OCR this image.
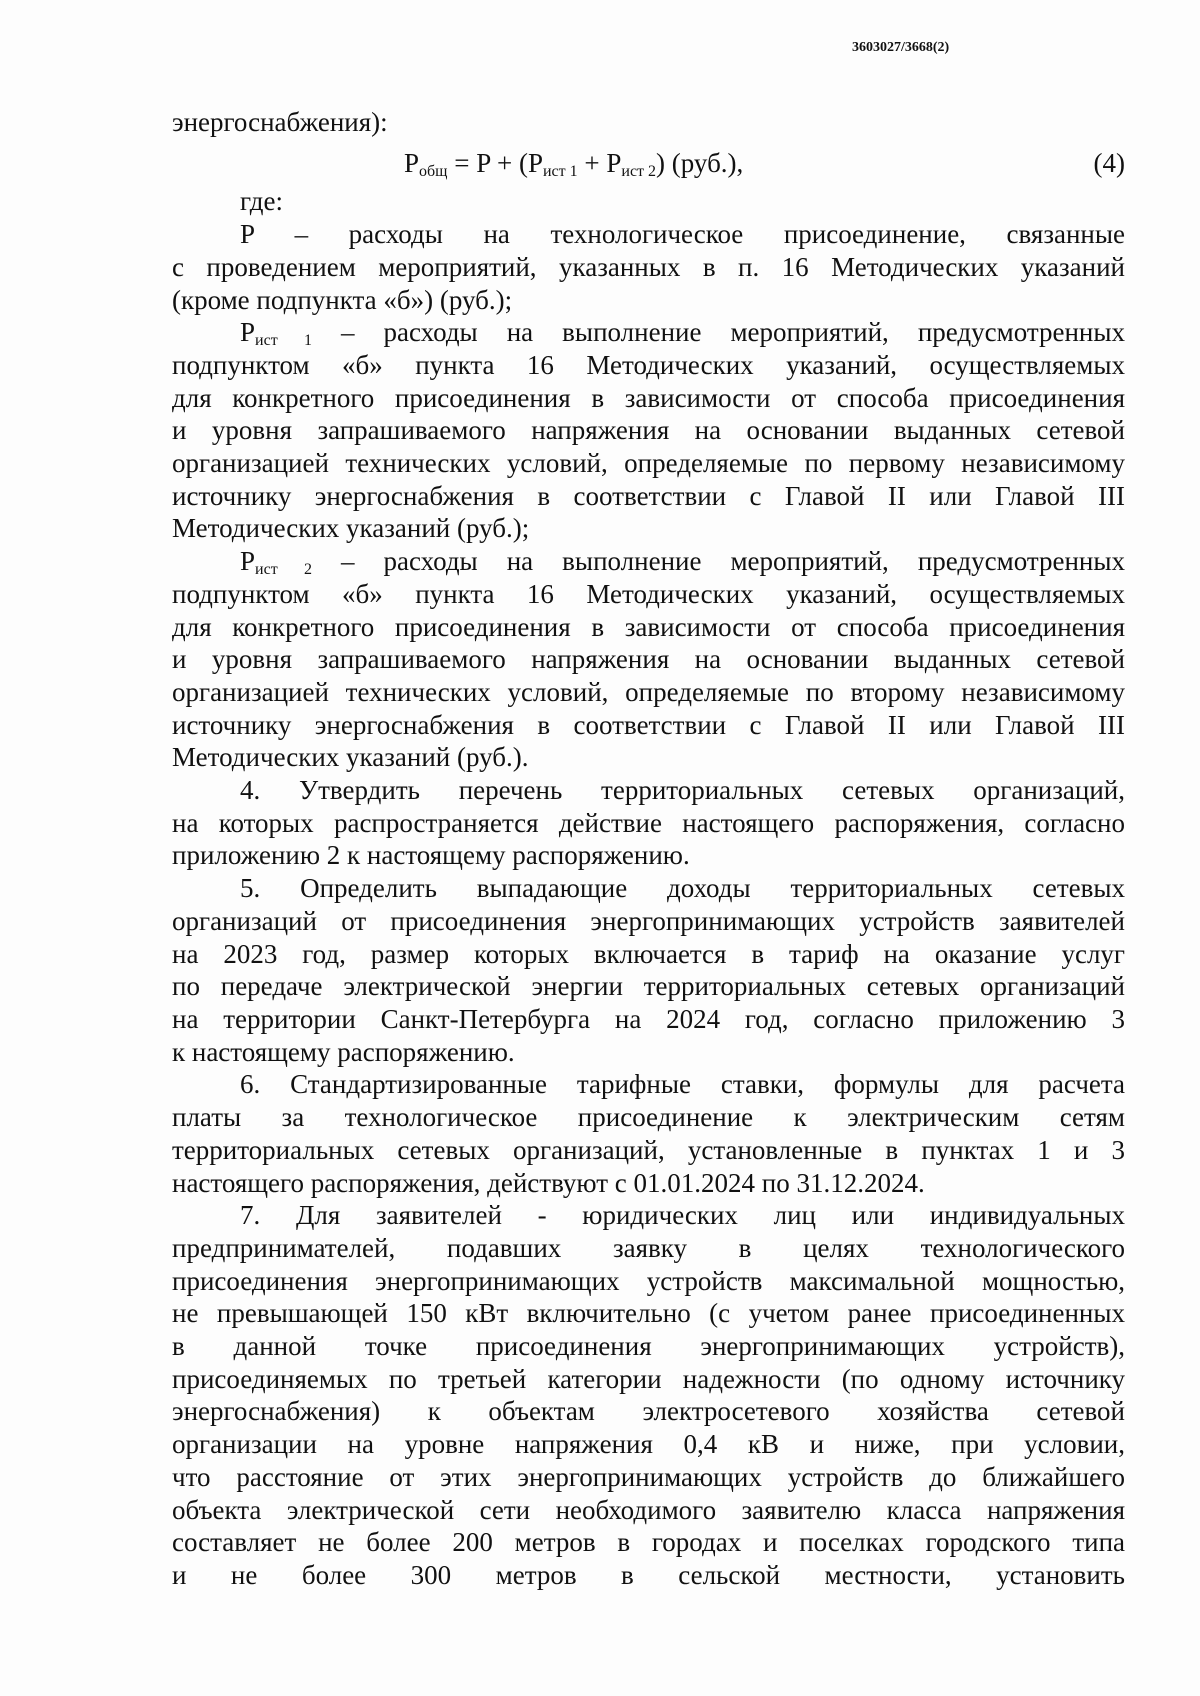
3603027/3668(2)
энергоснабжения):
$P_{общ} = P + (P_{ист 1} + P_{ист 2})$ (руб.),	(4)
где:
P – расходы на технологическое присоединение, связанные
с проведением мероприятий, указанных в п. 16 Методических указаний
(кроме подпункта «б») (руб.);
$P_{ист 1}$ – расходы на выполнение мероприятий, предусмотренных
подпунктом «б» пункта 16 Методических указаний, осуществляемых
для конкретного присоединения в зависимости от способа присоединения
и уровня запрашиваемого напряжения на основании выданных сетевой
организацией технических условий, определяемые по первому независимому
источнику энергоснабжения в соответствии с Главой II или Главой III
Методических указаний (руб.);
$P_{ист 2}$ – расходы на выполнение мероприятий, предусмотренных
подпунктом «б» пункта 16 Методических указаний, осуществляемых
для конкретного присоединения в зависимости от способа присоединения
и уровня запрашиваемого напряжения на основании выданных сетевой
организацией технических условий, определяемые по второму независимому
источнику энергоснабжения в соответствии с Главой II или Главой III
Методических указаний (руб.).
4. Утвердить перечень территориальных сетевых организаций,
на которых распространяется действие настоящего распоряжения, согласно
приложению 2 к настоящему распоряжению.
5. Определить выпадающие доходы территориальных сетевых
организаций от присоединения энергопринимающих устройств заявителей
на 2023 год, размер которых включается в тариф на оказание услуг
по передаче электрической энергии территориальных сетевых организаций
на территории Санкт-Петербурга на 2024 год, согласно приложению 3
к настоящему распоряжению.
6. Стандартизированные тарифные ставки, формулы для расчета
платы за технологическое присоединение к электрическим сетям
территориальных сетевых организаций, установленные в пунктах 1 и 3
настоящего распоряжения, действуют с 01.01.2024 по 31.12.2024.
7. Для заявителей - юридических лиц или индивидуальных
предпринимателей, подавших заявку в целях технологического
присоединения энергопринимающих устройств максимальной мощностью,
не превышающей 150 кВт включительно (с учетом ранее присоединенных
в данной точке присоединения энергопринимающих устройств),
присоединяемых по третьей категории надежности (по одному источнику
энергоснабжения) к объектам электросетевого хозяйства сетевой
организации на уровне напряжения 0,4 кВ и ниже, при условии,
что расстояние от этих энергопринимающих устройств до ближайшего
объекта электрической сети необходимого заявителю класса напряжения
составляет не более 200 метров в городах и поселках городского типа
и не более 300 метров в сельской местности, установить
